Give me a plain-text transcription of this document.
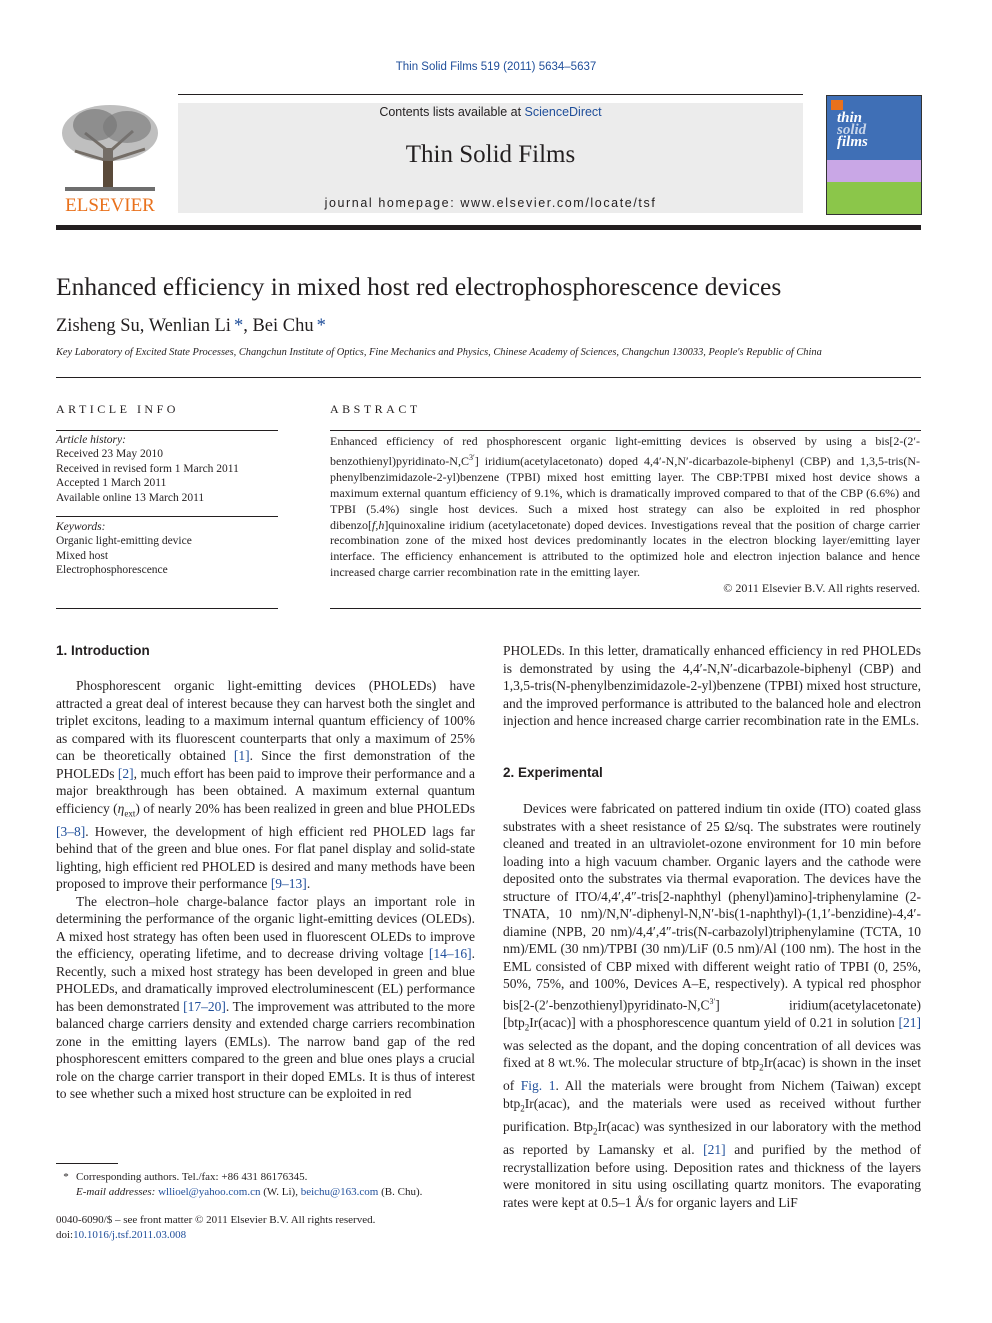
Thin Solid Films 519 (2011) 5634–5637
ELSEVIER
Contents lists available at ScienceDirect
Thin Solid Films
journal homepage: www.elsevier.com/locate/tsf
thin
solid
films
Enhanced efficiency in mixed host red electrophosphorescence devices
Zisheng Su, Wenlian Li *, Bei Chu *
Key Laboratory of Excited State Processes, Changchun Institute of Optics, Fine Mechanics and Physics, Chinese Academy of Sciences, Changchun 130033, People's Republic of China
ARTICLE INFO
Article history:
Received 23 May 2010
Received in revised form 1 March 2011
Accepted 1 March 2011
Available online 13 March 2011
Keywords:
Organic light-emitting device
Mixed host
Electrophosphorescence
ABSTRACT

Enhanced efficiency of red phosphorescent organic light-emitting devices is observed by using a $bis[2-(2'-benzothienyl)pyridinato-N,C^{3'}]$ iridium(acetylacetonato) doped 4,4′-N,N′-dicarbazole-biphenyl (CBP) and 1,3,5-tris(N-phenylbenzimidazole-2-yl)benzene (TPBI) mixed host emitting layer. The CBP:TPBI mixed host device shows a maximum external quantum efficiency of 9.1%, which is dramatically improved compared to that of the CBP (6.6%) and TPBI (5.4%) single host devices. Such a mixed host strategy can also be exploited in red phosphor dibenzo[f,h]quinoxaline iridium (acetylacetonate) doped devices. Investigations reveal that the position of charge carrier recombination zone of the mixed host devices predominantly locates in the electron blocking layer/emitting layer interface. The efficiency enhancement is attributed to the optimized hole and electron injection balance and hence increased charge carrier recombination rate in the emitting layer.

© 2011 Elsevier B.V. All rights reserved.

1. Introduction

Phosphorescent organic light-emitting devices (PHOLEDs) have attracted a great deal of interest because they can harvest both the singlet and triplet excitons, leading to a maximum internal quantum efficiency of 100% as compared with its fluorescent counterparts that only a maximum of 25% can be theoretically obtained [1]. Since the first demonstration of the PHOLEDs [2], much effort has been paid to improve their performance and a major breakthrough has been obtained. A maximum external quantum efficiency $(\eta_{ext})$ of nearly 20% has been realized in green and blue PHOLEDs [3–8]. However, the development of high efficient red PHOLED lags far behind that of the green and blue ones. For flat panel display and solid-state lighting, high efficient red PHOLED is desired and many methods have been proposed to improve their performance [9–13].

The electron–hole charge-balance factor plays an important role in determining the performance of the organic light-emitting devices (OLEDs). A mixed host strategy has often been used in fluorescent OLEDs to improve the efficiency, operating lifetime, and to decrease driving voltage [14–16]. Recently, such a mixed host strategy has been developed in green and blue PHOLEDs, and dramatically improved electroluminescent (EL) performance has been demonstrated [17–20]. The improvement was attributed to the more balanced charge carriers density and extended charge carriers recombination zone in the emitting layers (EMLs). The narrow band gap of the red phosphorescent emitters compared to the green and blue ones plays a crucial role on the charge carrier transport in their doped EMLs. It is thus of interest to see whether such a mixed host structure can be exploited in red

* Corresponding authors. Tel./fax: +86 431 86176345.
E-mail addresses: wllioel@yahoo.com.cn (W. Li), beichu@163.com (B. Chu).
0040-6090/$ – see front matter © 2011 Elsevier B.V. All rights reserved.
doi:10.1016/j.tsf.2011.03.008

PHOLEDs. In this letter, dramatically enhanced efficiency in red PHOLEDs is demonstrated by using the 4,4′-N,N′-dicarbazole-biphenyl (CBP) and 1,3,5-tris(N-phenylbenzimidazole-2-yl)benzene (TPBI) mixed host structure, and the improved performance is attributed to the balanced hole and electron injection and hence increased charge carrier recombination rate in the EMLs.

2. Experimental

Devices were fabricated on pattered indium tin oxide (ITO) coated glass substrates with a sheet resistance of 25 Ω/sq. The substrates were routinely cleaned and treated in an ultraviolet-ozone environment for 10 min before loading into a high vacuum chamber. Organic layers and the cathode were deposited onto the substrates via thermal evaporation. The devices have the structure of ITO/4,4′,4″-tris[2-naphthyl (phenyl)amino]-triphenylamine (2-TNATA, 10 nm)/N,N′-diphenyl-N,N′-bis(1-naphthyl)-(1,1′-benzidine)-4,4′-diamine (NPB, 20 nm)/4,4′,4″-tris(N-carbazolyl)triphenylamine (TCTA, 10 nm)/EML (30 nm)/TPBI (30 nm)/LiF (0.5 nm)/Al (100 nm). The host in the EML consisted of CBP mixed with different weight ratio of TPBI (0, 25%, 50%, 75%, and 100%, Devices A–E, respectively). A typical red phosphor $bis[2-(2'-benzothienyl)pyridinato-N,C^{3'}]$ iridium(acetylacetonate) [btp$_2$Ir(acac)] with a phosphorescence quantum yield of 0.21 in solution [21] was selected as the dopant, and the doping concentration of all devices was fixed at 8 wt.%. The molecular structure of btp$_2$Ir(acac) is shown in the inset of Fig. 1. All the materials were brought from Nichem (Taiwan) except btp$_2$Ir(acac), and the materials were used as received without further purification. Btp$_2$Ir(acac) was synthesized in our laboratory with the method as reported by Lamansky et al. [21] and purified by the method of recrystallization before using. Deposition rates and thickness of the layers were monitored in situ using oscillating quartz monitors. The evaporating rates were kept at 0.5–1 Å/s for organic layers and LiF
